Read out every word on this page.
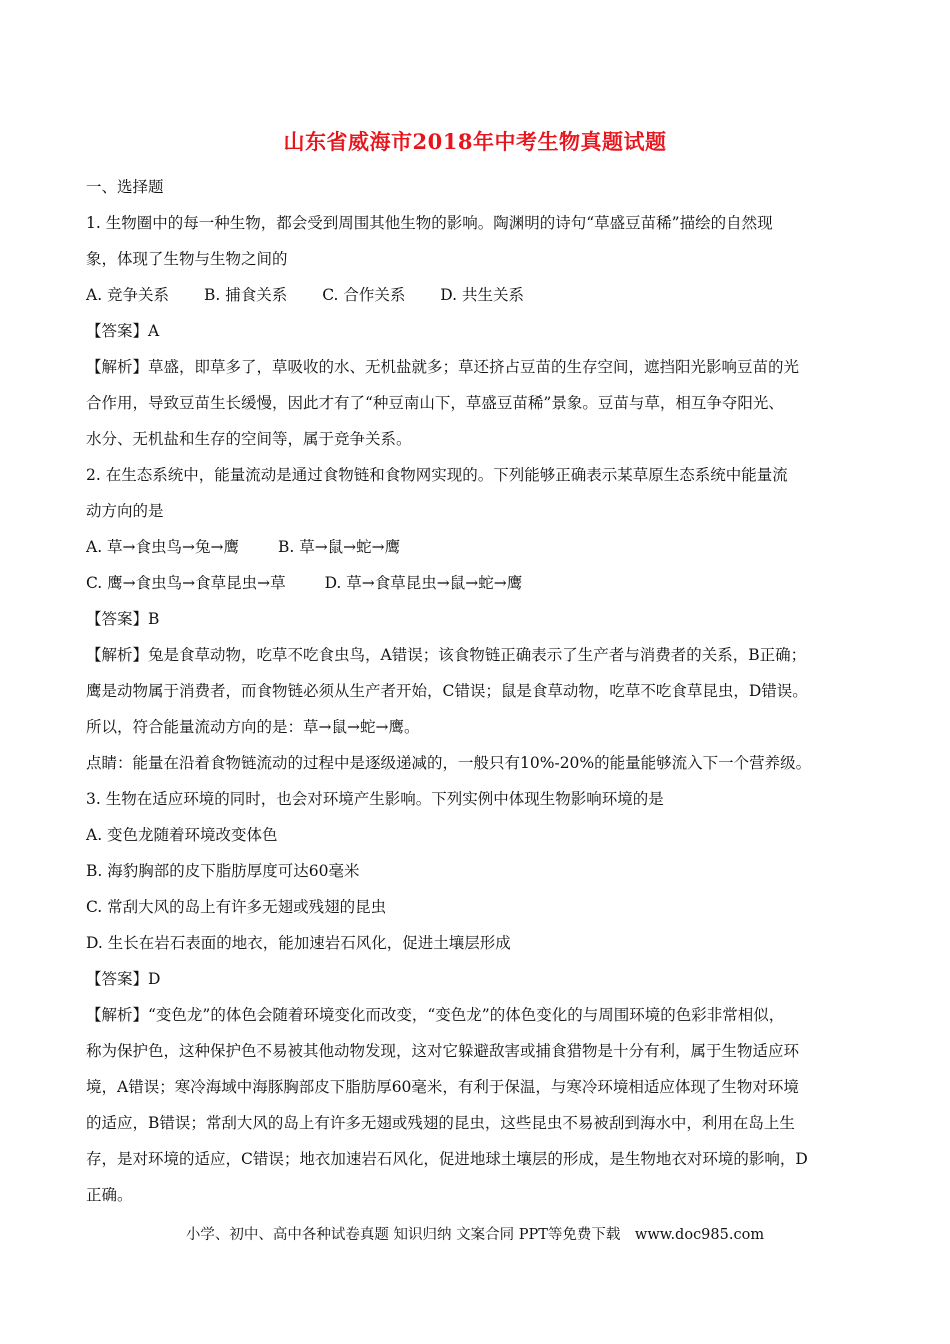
山东省威海市2018年中考生物真题试题
一、选择题
1. 生物圈中的每一种生物，都会受到周围其他生物的影响。陶渊明的诗句“草盛豆苗稀”描绘的自然现
象，体现了生物与生物之间的
A. 竞争关系 B. 捕食关系 C. 合作关系 D. 共生关系
【答案】A
【解析】草盛，即草多了，草吸收的水、无机盐就多；草还挤占豆苗的生存空间，遮挡阳光影响豆苗的光
合作用，导致豆苗生长缓慢，因此才有了“种豆南山下，草盛豆苗稀”景象。豆苗与草，相互争夺阳光、
水分、无机盐和生存的空间等，属于竞争关系。
2. 在生态系统中，能量流动是通过食物链和食物网实现的。下列能够正确表示某草原生态系统中能量流
动方向的是
A. 草→食虫鸟→兔→鹰	B. 草→鼠→蛇→鹰
C. 鹰→食虫鸟→食草昆虫→草	D. 草→食草昆虫→鼠→蛇→鹰
【答案】B
【解析】兔是食草动物，吃草不吃食虫鸟，A错误；该食物链正确表示了生产者与消费者的关系，B正确；
鹰是动物属于消费者，而食物链必须从生产者开始，C错误；鼠是食草动物，吃草不吃食草昆虫，D错误。
所以，符合能量流动方向的是：草→鼠→蛇→鹰。
点睛：能量在沿着食物链流动的过程中是逐级递减的，一般只有10%-20%的能量能够流入下一个营养级。
3. 生物在适应环境的同时，也会对环境产生影响。下列实例中体现生物影响环境的是
A. 变色龙随着环境改变体色
B. 海豹胸部的皮下脂肪厚度可达60毫米
C. 常刮大风的岛上有许多无翅或残翅的昆虫
D. 生长在岩石表面的地衣，能加速岩石风化，促进土壤层形成
【答案】D
【解析】“变色龙”的体色会随着环境变化而改变，“变色龙”的体色变化的与周围环境的色彩非常相似，
称为保护色，这种保护色不易被其他动物发现，这对它躲避敌害或捕食猎物是十分有利，属于生物适应环
境，A错误；寒冷海域中海豚胸部皮下脂肪厚60毫米，有利于保温，与寒冷环境相适应体现了生物对环境
的适应，B错误；常刮大风的岛上有许多无翅或残翅的昆虫，这些昆虫不易被刮到海水中，利用在岛上生
存，是对环境的适应，C错误；地衣加速岩石风化，促进地球土壤层的形成，是生物地衣对环境的影响，D
正确。
小学、初中、高中各种试卷真题 知识归纳 文案合同 PPT等免费下载　www.doc985.com
